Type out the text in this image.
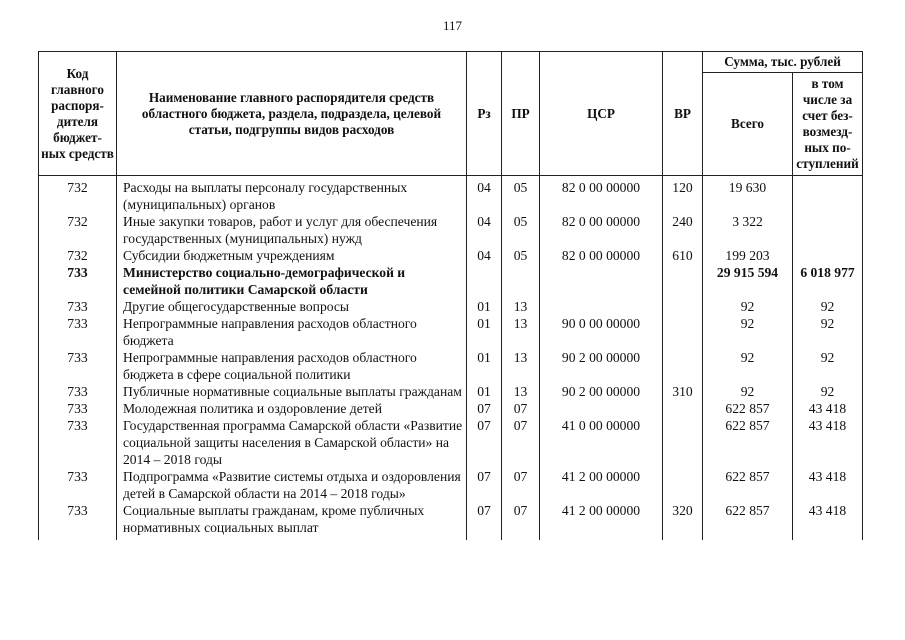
117
Код главного распоря-дителя бюджет-ных средств	Наименование главного распорядителя средств областного бюджета, раздела, подраздела, целевой статьи, подгруппы видов расходов	Рз	ПР	ЦСР	ВР	Сумма, тыс. рублей	
						Всего	в том числе за счет без-возмезд-ных по-ступлений
732	Расходы на выплаты персоналу государственных (муниципальных) органов	04	05	82 0 00 00000	120	19 630	
732	Иные закупки товаров, работ и услуг для обеспечения государственных (муниципальных) нужд	04	05	82 0 00 00000	240	3 322	
732	Субсидии бюджетным учреждениям	04	05	82 0 00 00000	610	199 203	
733	Министерство социально-демографической и семейной политики Самарской области					29 915 594	6 018 977
733	Другие общегосударственные вопросы	01	13			92	92
733	Непрограммные направления расходов областного бюджета	01	13	90 0 00 00000		92	92
733	Непрограммные направления расходов областного бюджета в сфере социальной политики	01	13	90 2 00 00000		92	92
733	Публичные нормативные социальные выплаты гражданам	01	13	90 2 00 00000	310	92	92
733	Молодежная политика и оздоровление детей	07	07			622 857	43 418
733	Государственная программа Самарской области «Развитие социальной защиты населения в Самарской области» на 2014 – 2018 годы	07	07	41 0 00 00000		622 857	43 418
733	Подпрограмма «Развитие системы отдыха и оздоровления детей в Самарской области на 2014 – 2018 годы»	07	07	41 2 00 00000		622 857	43 418
733	Социальные выплаты гражданам, кроме публичных нормативных социальных выплат	07	07	41 2 00 00000	320	622 857	43 418
